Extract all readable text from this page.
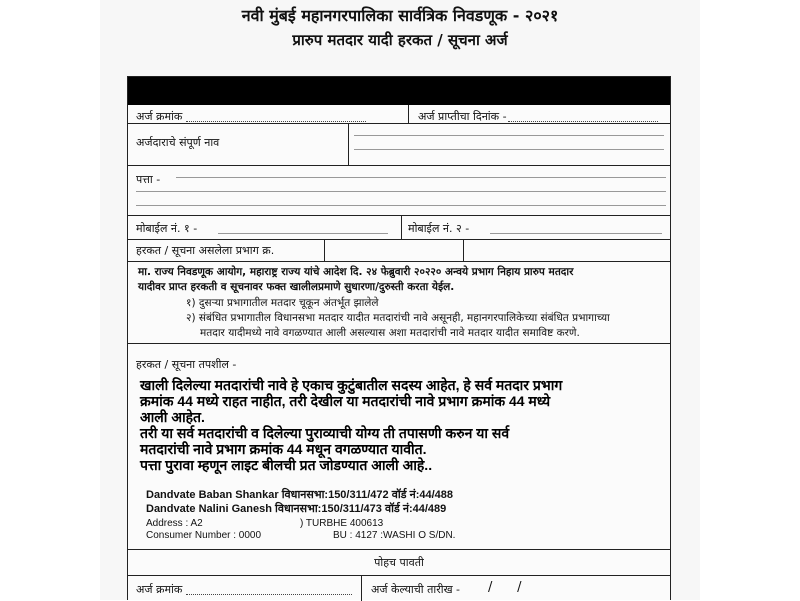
नवी मुंबई महानगरपालिका सार्वत्रिक निवडणूक - २०२१
प्रारुप मतदार यादी हरकत / सूचना अर्ज
अर्ज क्रमांक	अर्ज प्राप्तीचा दिनांक -
अर्जदाराचे संपूर्ण नाव
पत्ता -
मोबाईल नं. १ -	मोबाईल नं. २ -
हरकत / सूचना असलेला प्रभाग क्र.
मा. राज्य निवडणूक आयोग, महाराष्ट्र राज्य यांचे आदेश दि. २४ फेब्रुवारी २०२२० अन्वये प्रभाग निहाय प्रारुप मतदार
यादीवर प्राप्त हरकती व सूचनावर फक्त खालीलप्रमाणे सुधारणा/दुरुस्ती करता येईल.
१) दुसऱ्या प्रभागातील मतदार चूकून अंतर्भूत झालेले
२) संबंधित प्रभागातील विधानसभा मतदार यादीत मतदारांची नावे असूनही, महानगरपालिकेच्या संबंधित प्रभागाच्या
मतदार यादीमध्ये नावे वगळण्यात आली असल्यास अशा मतदारांची नावे मतदार यादीत समाविष्ट करणे.
हरकत / सूचना तपशील -
खाली दिलेल्या मतदारांची नावे हे एकाच कुटुंबातील सदस्य आहेत, हे सर्व मतदार प्रभाग
क्रमांक 44 मध्ये राहत नाहीत, तरी देखील या मतदारांची नावे प्रभाग क्रमांक 44 मध्ये
आली आहेत.
तरी या सर्व मतदारांची व दिलेल्या पुराव्याची योग्य ती तपासणी करुन या सर्व
मतदारांची नावे प्रभाग क्रमांक 44 मधून वगळण्यात यावीत.
पत्ता पुरावा म्हणून लाइट बीलची प्रत जोडण्यात आली आहे..
Dandvate Baban Shankar विधानसभा:150/311/472 वॉर्ड नं:44/488
Dandvate Nalini Ganesh विधानसभा:150/311/473 वॉर्ड नं:44/489
Address : A2	) TURBHE 400613
Consumer Number : 0000	BU : 4127 :WASHI O S/DN.
पोहच पावती
अर्ज क्रमांक	अर्ज केल्याची तारीख - /      /
